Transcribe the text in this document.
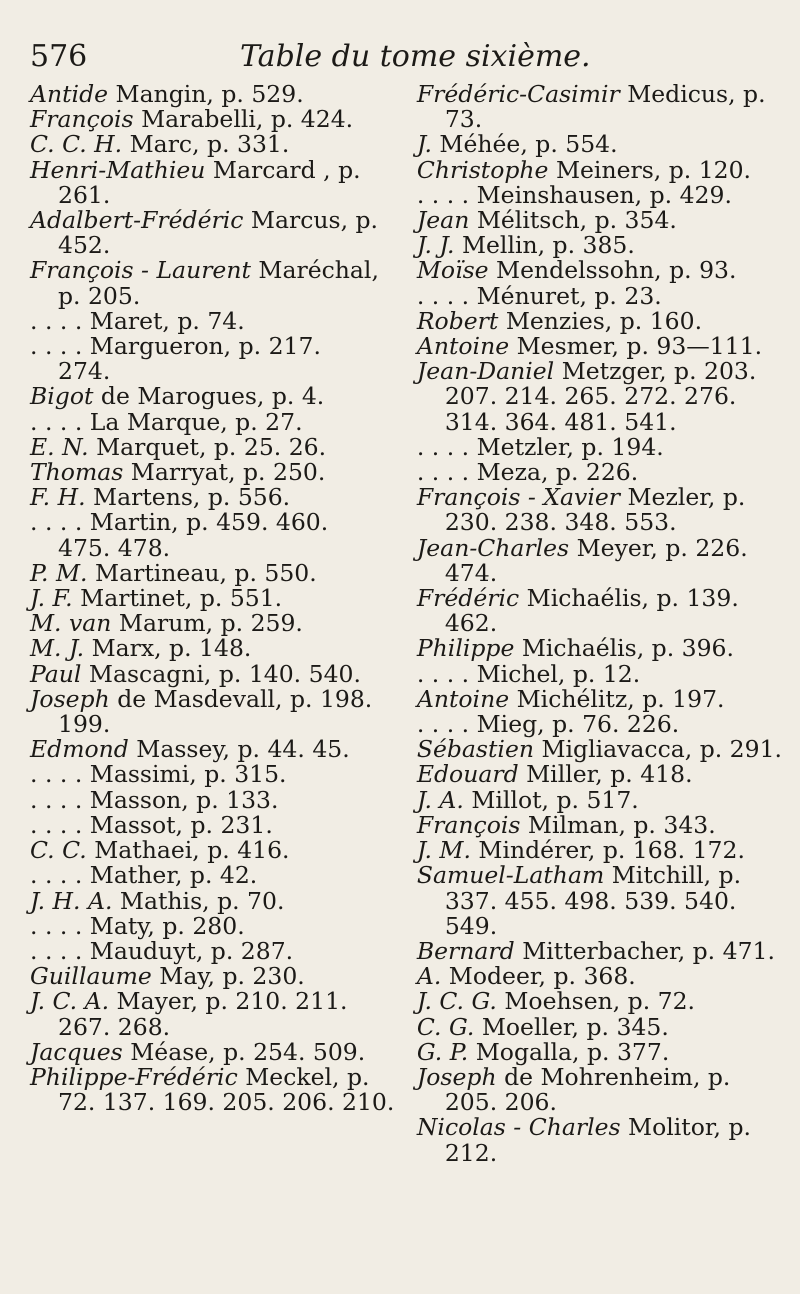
576	Table du tome sixième.
Antide Mangin, p. 529.
François Marabelli, p. 424.
C. C. H. Marc, p. 331.
Henri-Mathieu Marcard , p.
261.
Adalbert-Frédéric Marcus, p.
452.
François - Laurent Maréchal,
p. 205.
. . . . Maret, p. 74.
. . . . Margueron, p. 217.
274.
Bigot de Marogues, p. 4.
. . . . La Marque, p. 27.
E. N. Marquet, p. 25. 26.
Thomas Marryat, p. 250.
F. H. Martens, p. 556.
. . . . Martin, p. 459. 460.
475. 478.
P. M. Martineau, p. 550.
J. F. Martinet, p. 551.
M. van Marum, p. 259.
M. J. Marx, p. 148.
Paul Mascagni, p. 140. 540.
Joseph de Masdevall, p. 198.
199.
Edmond Massey, p. 44. 45.
. . . . Massimi, p. 315.
. . . . Masson, p. 133.
. . . . Massot, p. 231.
C. C. Mathaei, p. 416.
. . . . Mather, p. 42.
J. H. A. Mathis, p. 70.
. . . . Maty, p. 280.
. . . . Mauduyt, p. 287.
Guillaume May, p. 230.
J. C. A. Mayer, p. 210. 211.
267. 268.
Jacques Méase, p. 254. 509.
Philippe-Frédéric Meckel, p.
72. 137. 169. 205. 206. 210.
Frédéric-Casimir Medicus, p.
73.
J. Méhée, p. 554.
Christophe Meiners, p. 120.
. . . . Meinshausen, p. 429.
Jean Mélitsch, p. 354.
J. J. Mellin, p. 385.
Moïse Mendelssohn, p. 93.
. . . . Ménuret, p. 23.
Robert Menzies, p. 160.
Antoine Mesmer, p. 93—111.
Jean-Daniel Metzger, p. 203.
207. 214. 265. 272. 276. 314. 364. 481. 541.
. . . . Metzler, p. 194.
. . . . Meza, p. 226.
François - Xavier Mezler, p.
230. 238. 348. 553.
Jean-Charles Meyer, p. 226.
474.
Frédéric Michaélis, p. 139.
462.
Philippe Michaélis, p. 396.
. . . . Michel, p. 12.
Antoine Michélitz, p. 197.
. . . . Mieg, p. 76. 226.
Sébastien Migliavacca, p. 291.
Edouard Miller, p. 418.
J. A. Millot, p. 517.
François Milman, p. 343.
J. M. Mindérer, p. 168. 172.
Samuel-Latham Mitchill, p.
337. 455. 498. 539. 540. 549.
Bernard Mitterbacher, p. 471.
A. Modeer, p. 368.
J. C. G. Moehsen, p. 72.
C. G. Moeller, p. 345.
G. P. Mogalla, p. 377.
Joseph de Mohrenheim, p.
205. 206.
Nicolas - Charles Molitor, p.
212.
